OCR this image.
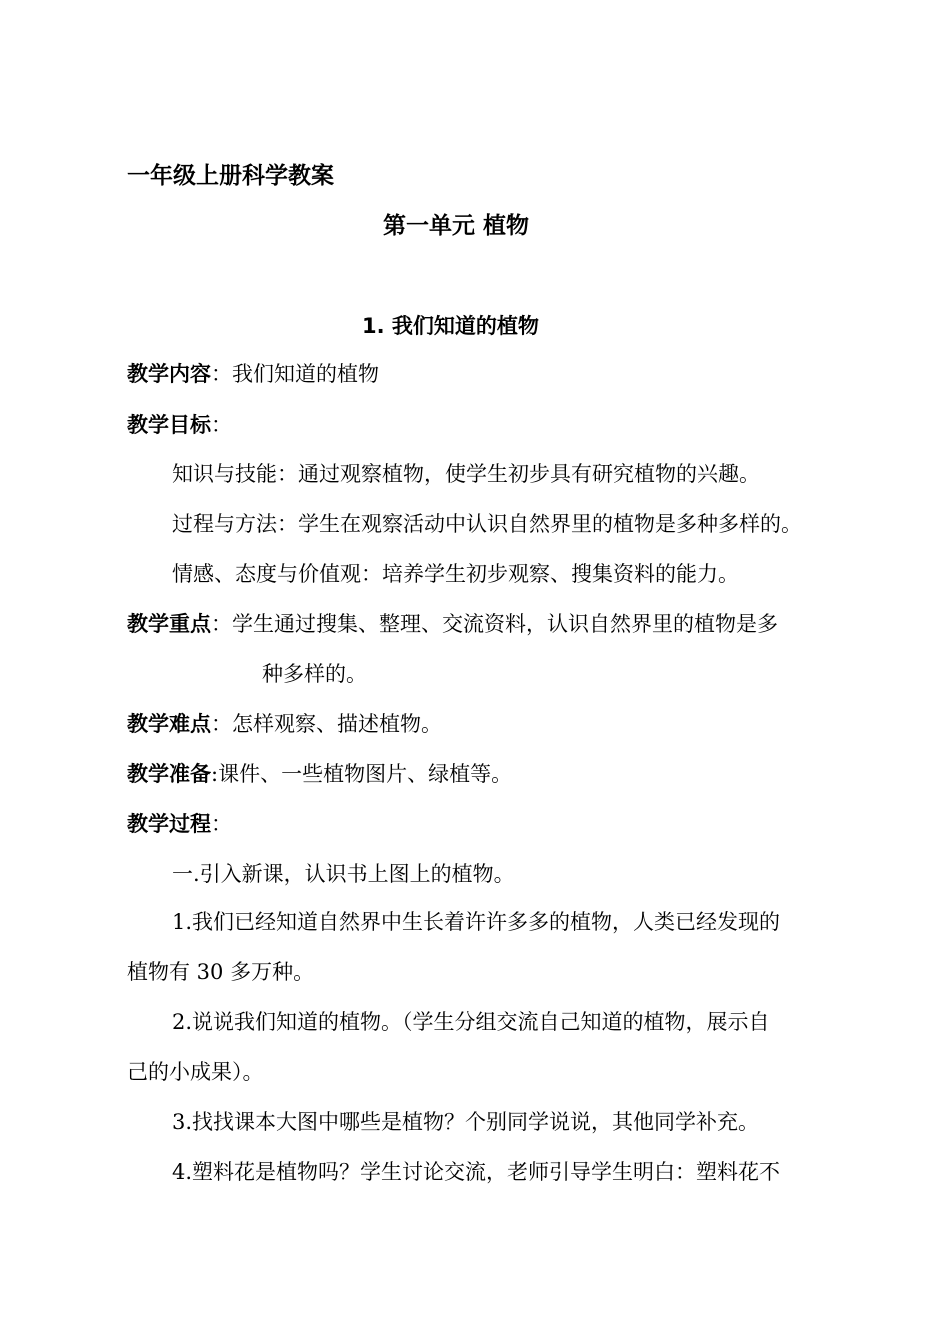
一年级上册科学教案
第一单元 植物
1. 我们知道的植物
教学内容：我们知道的植物
教学目标：
知识与技能：通过观察植物，使学生初步具有研究植物的兴趣。
过程与方法：学生在观察活动中认识自然界里的植物是多种多样的。
情感、态度与价值观：培养学生初步观察、搜集资料的能力。
教学重点：学生通过搜集、整理、交流资料，认识自然界里的植物是多
种多样的。
教学难点：怎样观察、描述植物。
教学准备:课件、一些植物图片、绿植等。
教学过程：
一.引入新课，认识书上图上的植物。
1.我们已经知道自然界中生长着许许多多的植物，人类已经发现的
植物有 30 多万种。
2.说说我们知道的植物。（学生分组交流自己知道的植物，展示自
己的小成果）。
3.找找课本大图中哪些是植物？个别同学说说，其他同学补充。
4.塑料花是植物吗？学生讨论交流，老师引导学生明白：塑料花不
